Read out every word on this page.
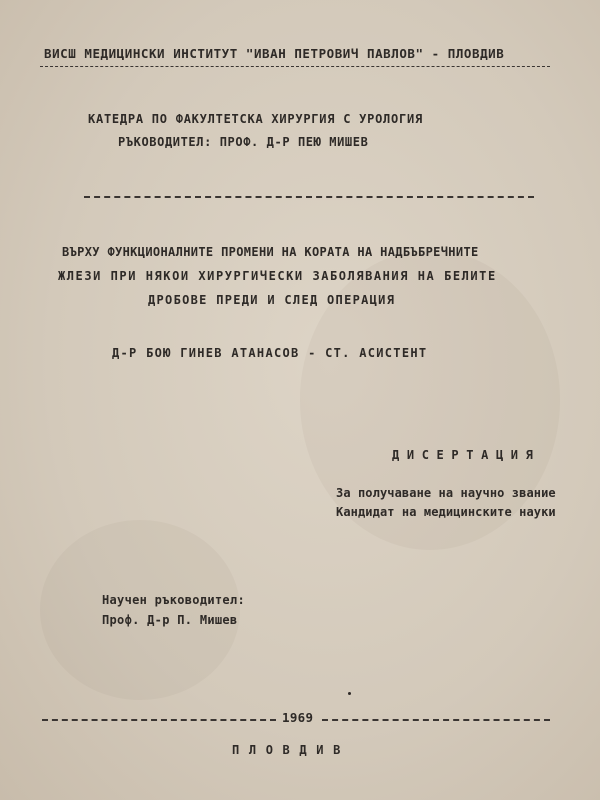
ВИСШ МЕДИЦИНСКИ ИНСТИТУТ "ИВАН ПЕТРОВИЧ ПАВЛОВ" - ПЛОВДИВ
КАТЕДРА ПО ФАКУЛТЕТСКА ХИРУРГИЯ С УРОЛОГИЯ
РЪКОВОДИТЕЛ: ПРОФ. Д-Р ПЕЮ МИШЕВ
ВЪРХУ ФУНКЦИОНАЛНИТЕ ПРОМЕНИ НА КОРАТА НА НАДБЪБРЕЧНИТЕ
ЖЛЕЗИ ПРИ НЯКОИ ХИРУРГИЧЕСКИ ЗАБОЛЯВАНИЯ НА БЕЛИТЕ
ДРОБОВЕ ПРЕДИ И СЛЕД ОПЕРАЦИЯ
Д-Р БОЮ ГИНЕВ АТАНАСОВ - СТ. АСИСТЕНТ
Д И С Е Р Т А Ц И Я
За получаване на научно звание
Кандидат на медицинските науки
Научен ръководител:
Проф. Д-р П. Мишев
1969
П Л О В Д И В
